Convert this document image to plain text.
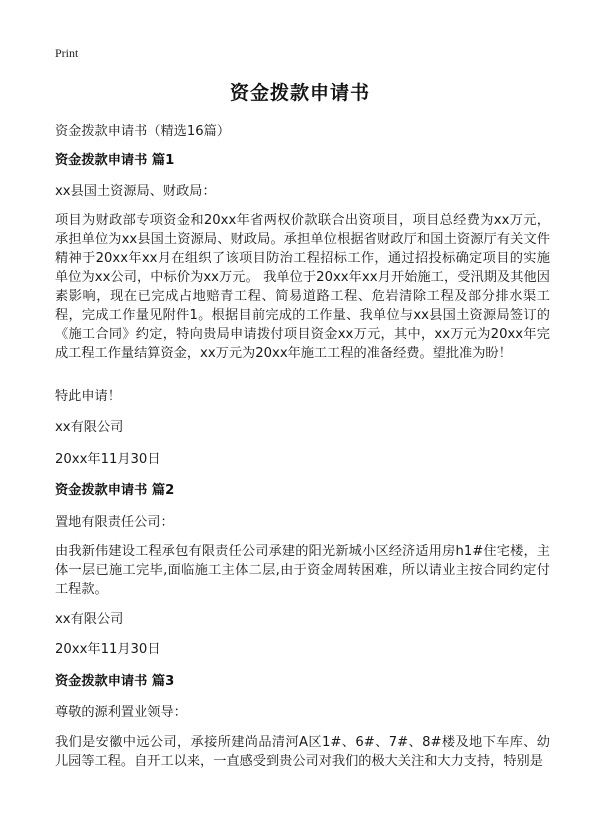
Print
资金拨款申请书

资金拨款申请书（精选16篇）

资金拨款申请书 篇1

xx县国土资源局、财政局：

项目为财政部专项资金和20xx年省两权价款联合出资项目，项目总经费为xx万元，承担单位为xx县国土资源局、财政局。承担单位根据省财政厅和国土资源厅有关文件精神于20xx年xx月在组织了该项目防治工程招标工作，通过招投标确定项目的实施单位为xx公司，中标价为xx万元。 我单位于20xx年xx月开始施工，受汛期及其他因素影响，现在已完成占地赔青工程、简易道路工程、危岩清除工程及部分排水渠工程，完成工作量见附件1。根据目前完成的工作量、我单位与xx县国土资源局签订的《施工合同》约定，特向贵局申请拨付项目资金xx万元，其中，xx万元为20xx年完成工程工作量结算资金，xx万元为20xx年施工工程的准备经费。望批准为盼！

特此申请！

xx有限公司

20xx年11月30日

资金拨款申请书 篇2

置地有限责任公司：

由我新伟建设工程承包有限责任公司承建的阳光新城小区经济适用房h1#住宅楼，主体一层已施工完毕,面临施工主体二层,由于资金周转困难，所以请业主按合同约定付工程款。

xx有限公司

20xx年11月30日

资金拨款申请书 篇3

尊敬的源利置业领导：

我们是安徽中远公司，承接所建尚品清河A区1#、6#、7#、8#楼及地下车库、幼儿园等工程。自开工以来，一直感受到贵公司对我们的极大关注和大力支持，特别是
